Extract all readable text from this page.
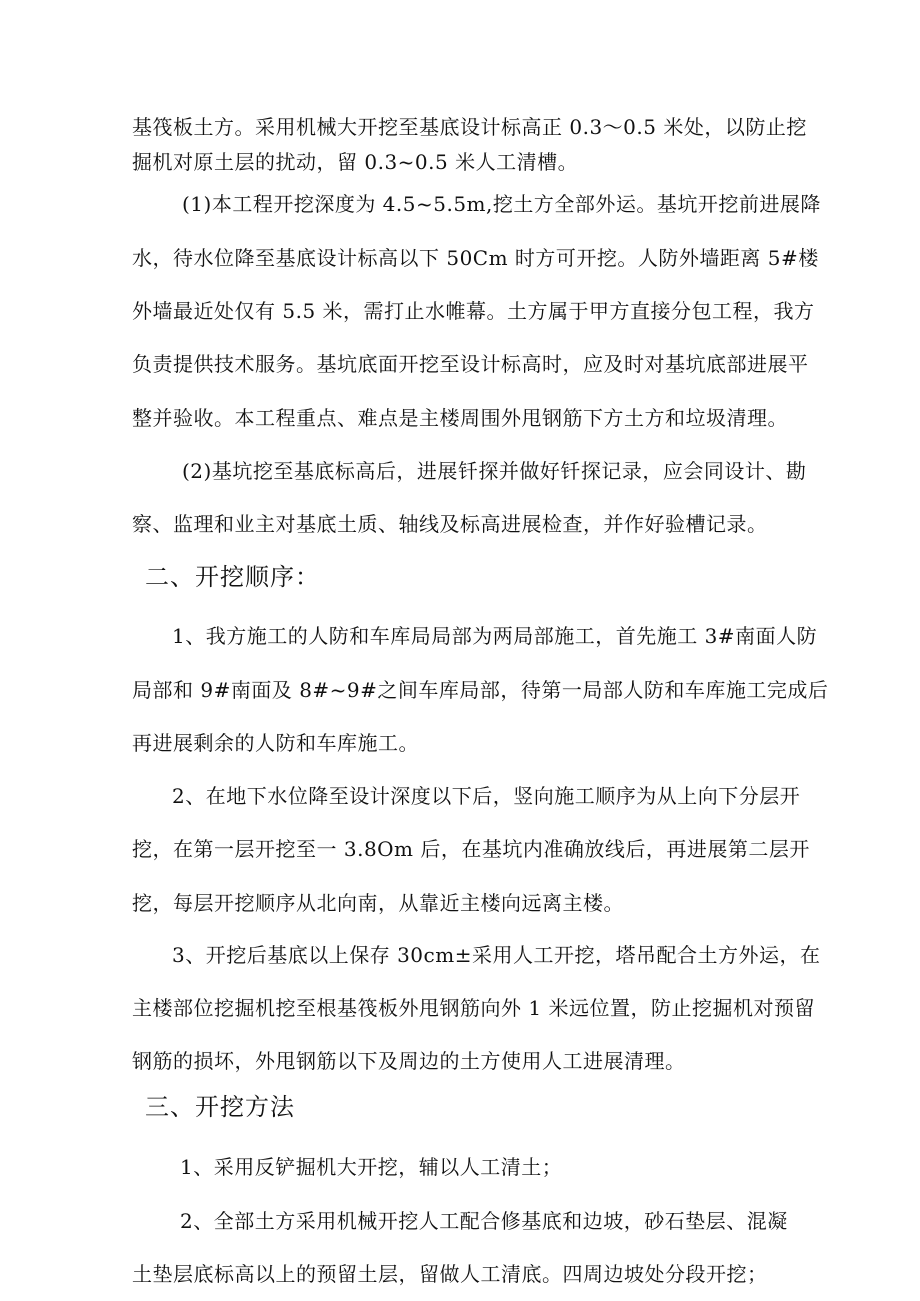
基筏板土方。采用机械大开挖至基底设计标高正 0.3～0.5 米处，以防止挖
掘机对原土层的扰动，留 0.3~0.5 米人工清槽。
(1)本工程开挖深度为 4.5~5.5m,挖土方全部外运。基坑开挖前进展降
水，待水位降至基底设计标高以下 50Cm 时方可开挖。人防外墙距离 5#楼
外墙最近处仅有 5.5 米，需打止水帷幕。土方属于甲方直接分包工程，我方
负责提供技术服务。基坑底面开挖至设计标高时，应及时对基坑底部进展平
整并验收。本工程重点、难点是主楼周围外甩钢筋下方土方和垃圾清理。
(2)基坑挖至基底标高后，进展钎探并做好钎探记录，应会同设计、勘
察、监理和业主对基底土质、轴线及标高进展检查，并作好验槽记录。
二、开挖顺序：
1、我方施工的人防和车库局局部为两局部施工，首先施工 3#南面人防
局部和 9#南面及 8#~9#之间车库局部，待第一局部人防和车库施工完成后
再进展剩余的人防和车库施工。
2、在地下水位降至设计深度以下后，竖向施工顺序为从上向下分层开
挖，在第一层开挖至一 3.8Om 后，在基坑内准确放线后，再进展第二层开
挖，每层开挖顺序从北向南，从靠近主楼向远离主楼。
3、开挖后基底以上保存 30cm±采用人工开挖，塔吊配合土方外运，在
主楼部位挖掘机挖至根基筏板外甩钢筋向外 1 米远位置，防止挖掘机对预留
钢筋的损坏，外甩钢筋以下及周边的土方使用人工进展清理。
三、开挖方法
1、采用反铲掘机大开挖，辅以人工清土；
2、全部土方采用机械开挖人工配合修基底和边坡，砂石垫层、混凝
土垫层底标高以上的预留土层，留做人工清底。四周边坡处分段开挖；
